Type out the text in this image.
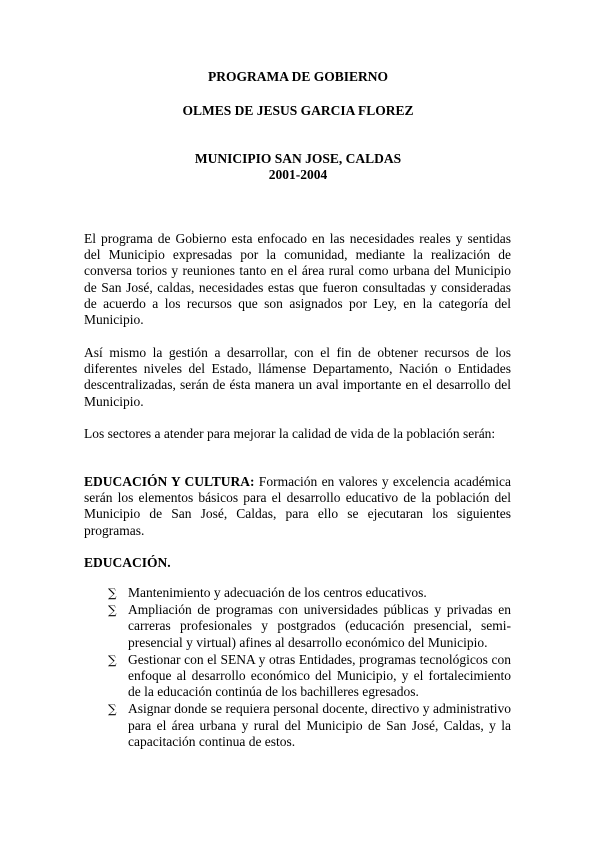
PROGRAMA DE GOBIERNO
OLMES DE JESUS GARCIA FLOREZ
MUNICIPIO SAN JOSE, CALDAS
2001-2004

El programa de Gobierno esta enfocado en las necesidades reales y sentidas del Municipio expresadas por la comunidad, mediante la realización de conversa torios y reuniones tanto en el área rural como urbana del Municipio de San José, caldas, necesidades estas que fueron consultadas y consideradas de acuerdo a los recursos que son asignados por Ley, en la categoría del Municipio.

Así mismo la gestión a desarrollar, con el fin de obtener recursos de los diferentes niveles del Estado, llámense Departamento, Nación o Entidades descentralizadas, serán de ésta manera un aval importante en el desarrollo del Municipio.

Los sectores a atender para mejorar la calidad de vida de la población serán:

EDUCACIÓN Y CULTURA: Formación en valores y excelencia académica serán los elementos básicos para el desarrollo educativo de la población del Municipio de San José, Caldas, para ello se ejecutaran los siguientes programas.

EDUCACIÓN.
∑ Mantenimiento y adecuación de los centros educativos.
∑ Ampliación de programas con universidades públicas y privadas en carreras profesionales y postgrados (educación presencial, semi-presencial y virtual) afines al desarrollo económico del Municipio.
∑ Gestionar con el SENA y otras Entidades, programas tecnológicos con enfoque al desarrollo económico del Municipio, y el fortalecimiento de la educación continúa de los bachilleres egresados.
∑ Asignar donde se requiera personal docente, directivo y administrativo para el área urbana y rural del Municipio de San José, Caldas, y la capacitación continua de estos.
